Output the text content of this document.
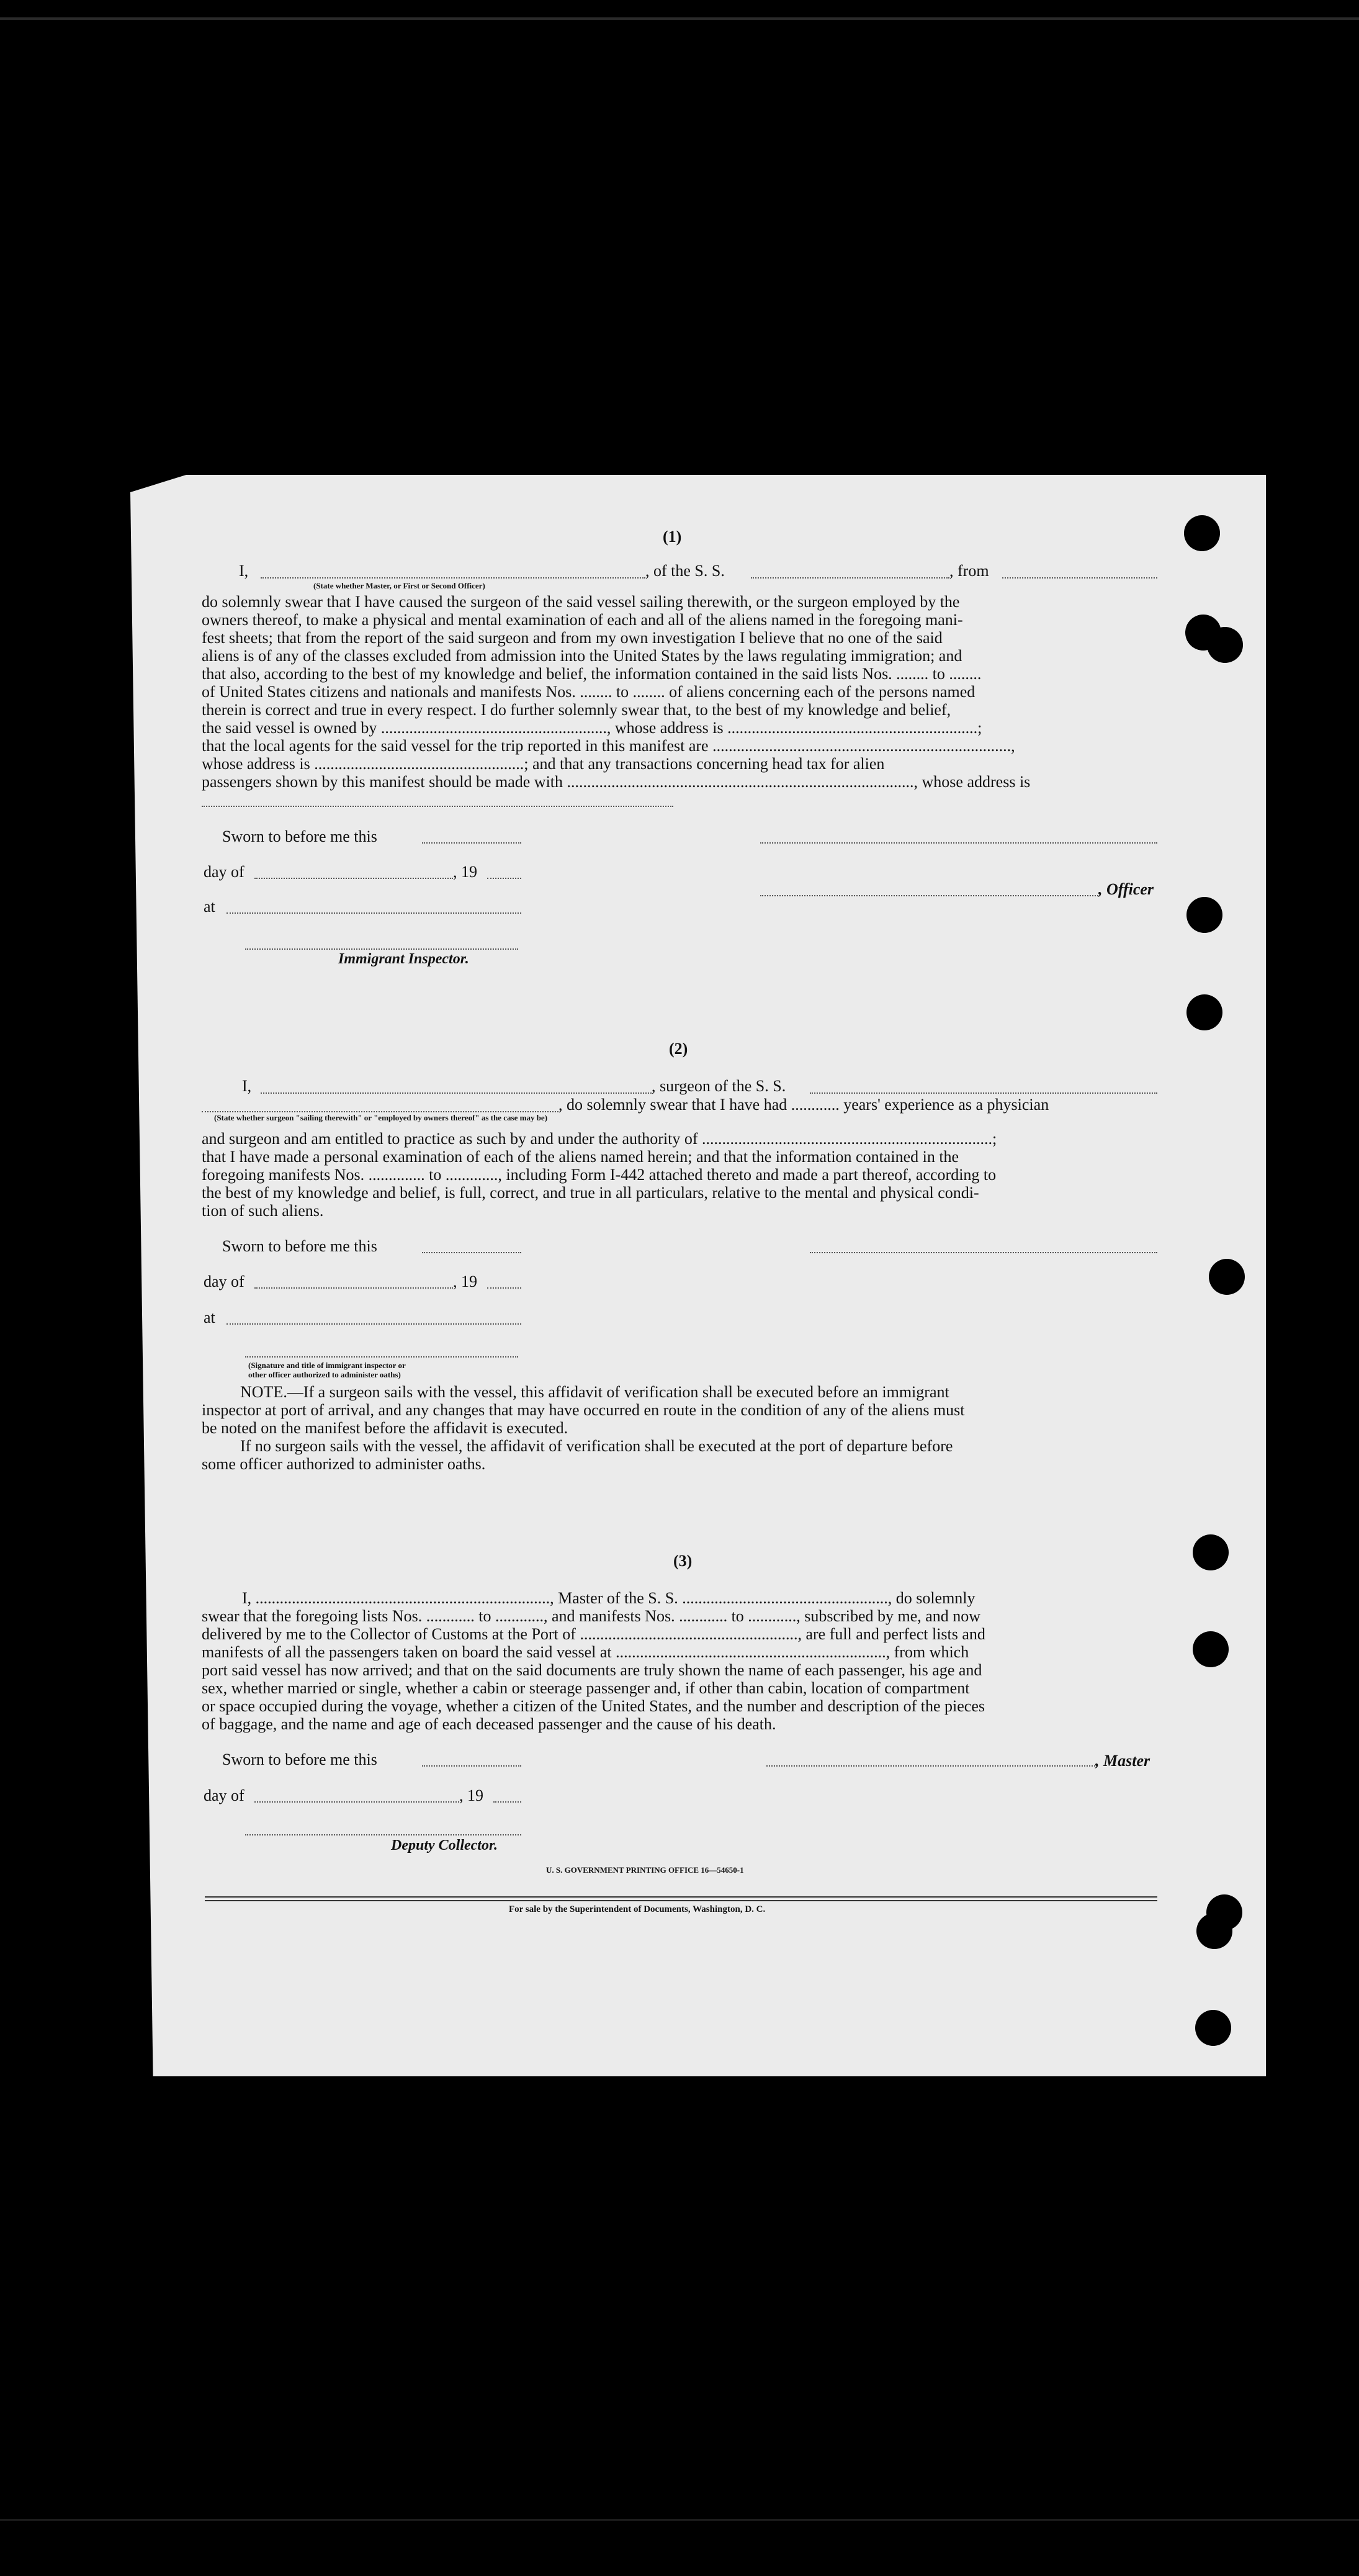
(1)
I,	, of the S. S.	, from
(State whether Master, or First or Second Officer)
do solemnly swear that I have caused the surgeon of the said vessel sailing therewith, or the surgeon employed by the
owners thereof, to make a physical and mental examination of each and all of the aliens named in the foregoing mani-
fest sheets; that from the report of the said surgeon and from my own investigation I believe that no one of the said
aliens is of any of the classes excluded from admission into the United States by the laws regulating immigration; and
that also, according to the best of my knowledge and belief, the information contained in the said lists Nos. ........ to ........
of United States citizens and nationals and manifests Nos. ........ to ........ of aliens concerning each of the persons named
therein is correct and true in every respect. I do further solemnly swear that, to the best of my knowledge and belief,
the said vessel is owned by ........................................................, whose address is ..............................................................;
that the local agents for the said vessel for the trip reported in this manifest are ..........................................................................,
whose address is ....................................................; and that any transactions concerning head tax for alien
passengers shown by this manifest should be made with ......................................................................................, whose address is
Sworn to before me this
day of	, 19
, Officer
at
Immigrant Inspector.
(2)
I,	, surgeon of the S. S.
, do solemnly swear that I have had ............ years' experience as a physician
(State whether surgeon "sailing therewith" or "employed by owners thereof" as the case may be)
and surgeon and am entitled to practice as such by and under the authority of ........................................................................;
that I have made a personal examination of each of the aliens named herein; and that the information contained in the
foregoing manifests Nos. .............. to ............., including Form I-442 attached thereto and made a part thereof, according to
the best of my knowledge and belief, is full, correct, and true in all particulars, relative to the mental and physical condi-
tion of such aliens.
Sworn to before me this
day of	, 19
at
(Signature and title of immigrant inspector or
other officer authorized to administer oaths)
NOTE.—If a surgeon sails with the vessel, this affidavit of verification shall be executed before an immigrant
inspector at port of arrival, and any changes that may have occurred en route in the condition of any of the aliens must
be noted on the manifest before the affidavit is executed.
If no surgeon sails with the vessel, the affidavit of verification shall be executed at the port of departure before
some officer authorized to administer oaths.
(3)
I, ........................................................................., Master of the S. S. ..................................................., do solemnly
swear that the foregoing lists Nos. ............ to ............, and manifests Nos. ............ to ............, subscribed by me, and now
delivered by me to the Collector of Customs at the Port of ......................................................, are full and perfect lists and
manifests of all the passengers taken on board the said vessel at ..................................................................., from which
port said vessel has now arrived; and that on the said documents are truly shown the name of each passenger, his age and
sex, whether married or single, whether a cabin or steerage passenger and, if other than cabin, location of compartment
or space occupied during the voyage, whether a citizen of the United States, and the number and description of the pieces
of baggage, and the name and age of each deceased passenger and the cause of his death.
Sworn to before me this	, Master
day of	, 19
Deputy Collector.
U. S. GOVERNMENT PRINTING OFFICE 16—54650-1
For sale by the Superintendent of Documents, Washington, D. C.
